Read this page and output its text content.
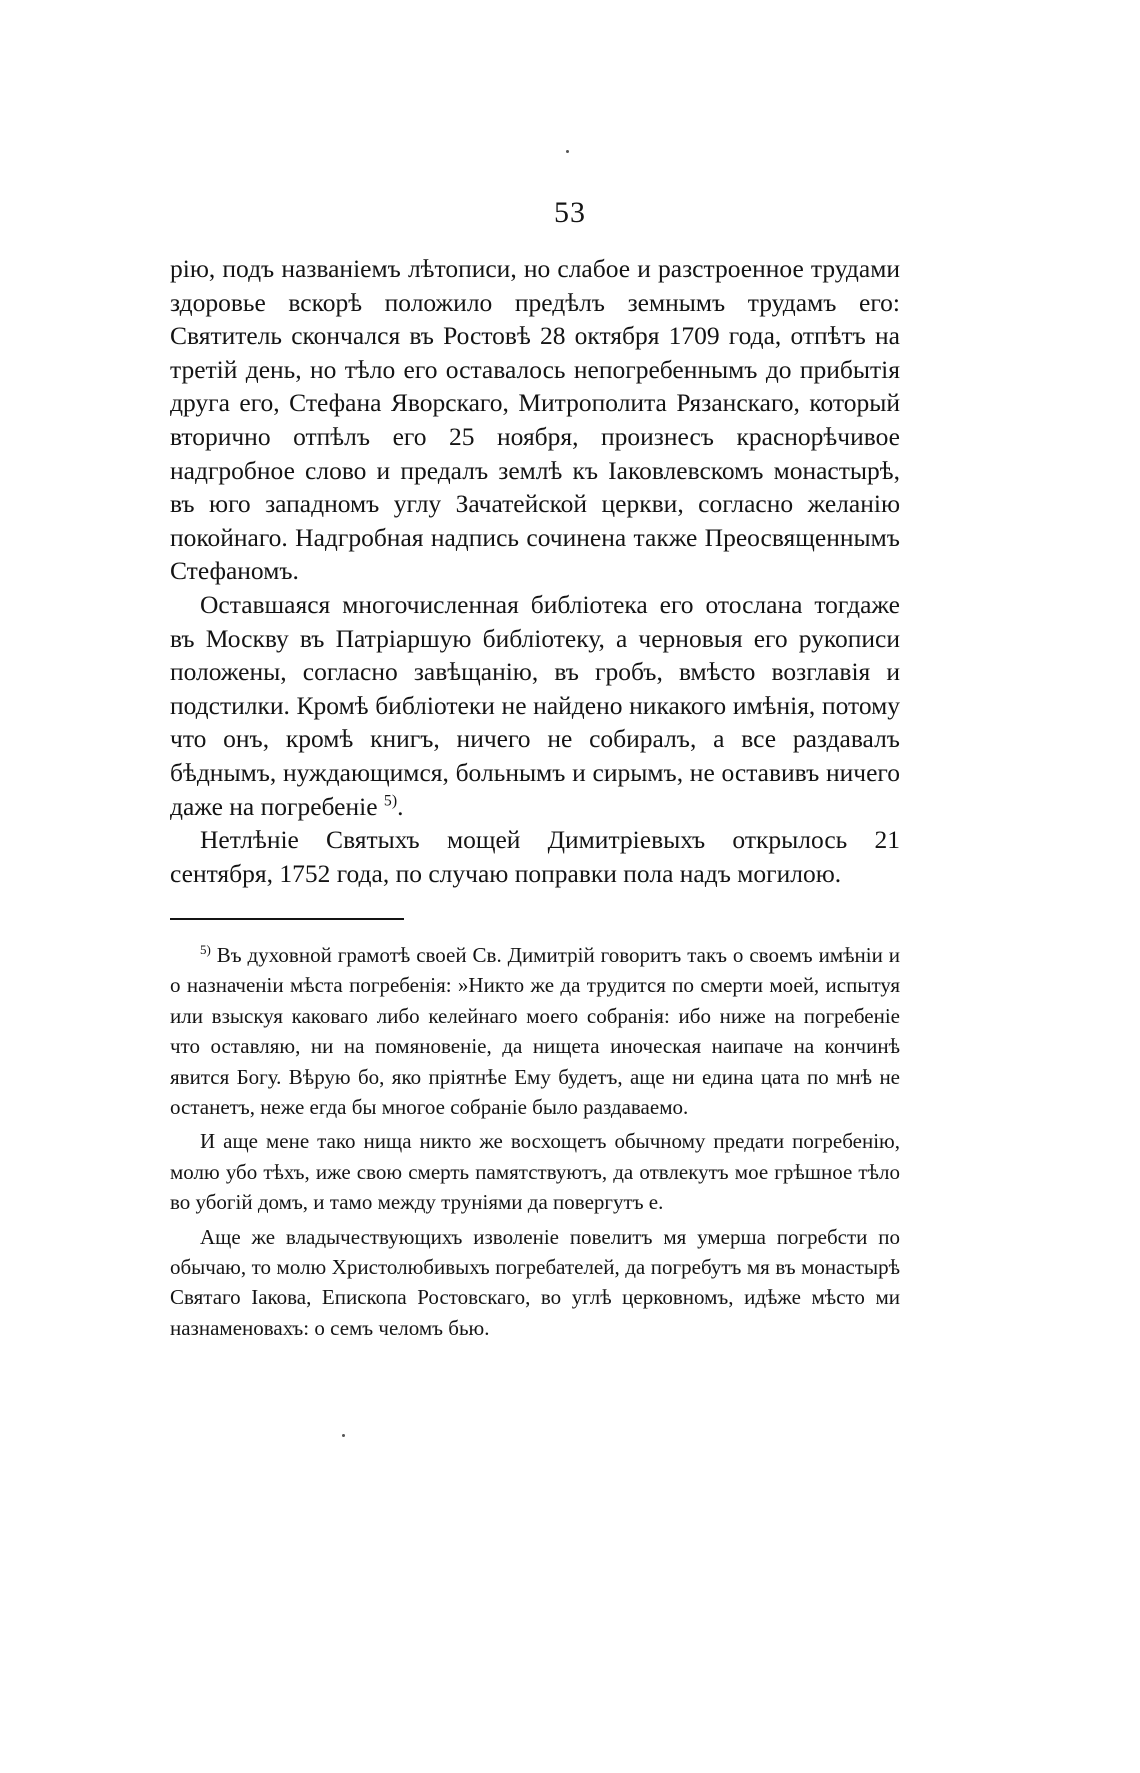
53

рію, подъ названіемъ лѣтописи, но слабое и разстроенное трудами здоровье вскорѣ положило предѣлъ земнымъ трудамъ его: Святитель скончался въ Ростовѣ 28 октября 1709 года, отпѣтъ на третій день, но тѣло его оставалось непогребеннымъ до прибытія друга его, Стефана Яворскаго, Митрополита Рязанскаго, который вторично отпѣлъ его 25 ноября, произнесъ краснорѣчивое надгробное слово и предалъ землѣ къ Іаковлевскомъ монастырѣ, въ юго западномъ углу Зачатейской церкви, согласно желанію покойнаго. Надгробная надпись сочинена также Преосвященнымъ Стефаномъ.

Оставшаяся многочисленная библіотека его отослана тогдаже въ Москву въ Патріаршую библіотеку, а черновыя его рукописи положены, согласно завѣщанію, въ гробъ, вмѣсто возглавія и подстилки. Кромѣ библіотеки не найдено никакого имѣнія, потому что онъ, кромѣ книгъ, ничего не собиралъ, а все раздавалъ бѣднымъ, нуждающимся, больнымъ и сирымъ, не оставивъ ничего даже на погребеніе $^{5)}$.

Нетлѣніе Святыхъ мощей Димитріевыхъ открылось 21 сентября, 1752 года, по случаю поправки пола надъ могилою.

$^{5)}$ Въ духовной грамотѣ своей Св. Димитрій говоритъ такъ о своемъ имѣніи и о назначеніи мѣста погребенія: »Никто же да трудится по смерти моей, испытуя или взыскуя каковаго либо келейнаго моего собранія: ибо ниже на погребеніе что оставляю, ни на помяновеніе, да нищета иноческая наипаче на кончинѣ явится Богу. Вѣрую бо, яко пріятнѣе Ему будетъ, аще ни едина цата по мнѣ не останетъ, неже егда бы многое собраніе было раздаваемо.

И аще мене тако нища никто же восхощетъ обычному предати погребенію, молю убо тѣхъ, иже свою смерть памятствуютъ, да отвлекутъ мое грѣшное тѣло во убогій домъ, и тамо между труніями да повергутъ е.

Аще же владычествующихъ изволеніе повелитъ мя умерша погребсти по обычаю, то молю Христолюбивыхъ погребателей, да погребутъ мя въ монастырѣ Святаго Іакова, Епископа Ростовскаго, во углѣ церковномъ, идѣже мѣсто ми назнаменовахъ: о семъ челомъ бью.
